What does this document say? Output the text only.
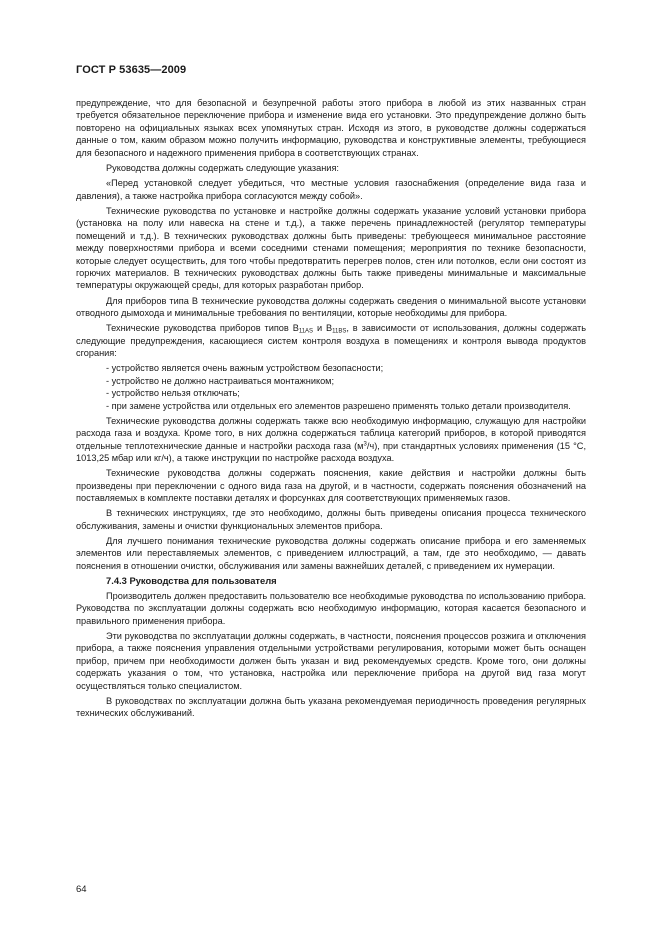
ГОСТ Р 53635—2009

предупреждение, что для безопасной и безупречной работы этого прибора в любой из этих названных стран требуется обязательное переключение прибора и изменение вида его установки. Это предупреждение должно быть повторено на официальных языках всех упомянутых стран. Исходя из этого, в руководстве должны содержаться данные о том, каким образом можно получить информацию, руководства и конструктивные элементы, требующиеся для безопасного и надежного применения прибора в соответствующих странах.

Руководства должны содержать следующие указания:

«Перед установкой следует убедиться, что местные условия газоснабжения (определение вида газа и давления), а также настройка прибора согласуются между собой».

Технические руководства по установке и настройке должны содержать указание условий установки прибора (установка на полу или навеска на стене и т.д.), а также перечень принадлежностей (регулятор температуры помещений и т.д.). В технических руководствах должны быть приведены: требующееся минимальное расстояние между поверхностями прибора и всеми соседними стенами помещения; мероприятия по технике безопасности, которые следует осуществить, для того чтобы предотвратить перегрев полов, стен или потолков, если они состоят из горючих материалов. В технических руководствах должны быть также приведены минимальные и максимальные температуры окружающей среды, для которых разработан прибор.

Для приборов типа В технические руководства должны содержать сведения о минимальной высоте установки отводного дымохода и минимальные требования по вентиляции, которые необходимы для прибора.

Технические руководства приборов типов $В_{11AS}$ и $В_{11BS}$, в зависимости от использования, должны содержать следующие предупреждения, касающиеся систем контроля воздуха в помещениях и контроля вывода продуктов сгорания:

- устройство является очень важным устройством безопасности;
- устройство не должно настраиваться монтажником;
- устройство нельзя отключать;
- при замене устройства или отдельных его элементов разрешено применять только детали производителя.

Технические руководства должны содержать также всю необходимую информацию, служащую для настройки расхода газа и воздуха. Кроме того, в них должна содержаться таблица категорий приборов, в которой приводятся отдельные теплотехнические данные и настройки расхода газа $(м^3/ч)$, при стандартных условиях применения (15 °С, 1013,25 мбар или кг/ч), а также инструкции по настройке расхода воздуха.

Технические руководства должны содержать пояснения, какие действия и настройки должны быть произведены при переключении с одного вида газа на другой, и в частности, содержать пояснения обозначений на поставляемых в комплекте поставки деталях и форсунках для соответствующих применяемых газов.

В технических инструкциях, где это необходимо, должны быть приведены описания процесса технического обслуживания, замены и очистки функциональных элементов прибора.

Для лучшего понимания технические руководства должны содержать описание прибора и его заменяемых элементов или переставляемых элементов, с приведением иллюстраций, а там, где это необходимо, — давать пояснения в отношении очистки, обслуживания или замены важнейших деталей, с приведением их нумерации.

7.4.3 Руководства для пользователя

Производитель должен предоставить пользователю все необходимые руководства по использованию прибора. Руководства по эксплуатации должны содержать всю необходимую информацию, которая касается безопасного и правильного применения прибора.

Эти руководства по эксплуатации должны содержать, в частности, пояснения процессов розжига и отключения прибора, а также пояснения управления отдельными устройствами регулирования, которыми может быть оснащен прибор, причем при необходимости должен быть указан и вид рекомендуемых средств. Кроме того, они должны содержать указания о том, что установка, настройка или переключение прибора на другой вид газа могут осуществляться только специалистом.

В руководствах по эксплуатации должна быть указана рекомендуемая периодичность проведения регулярных технических обслуживаний.

64
